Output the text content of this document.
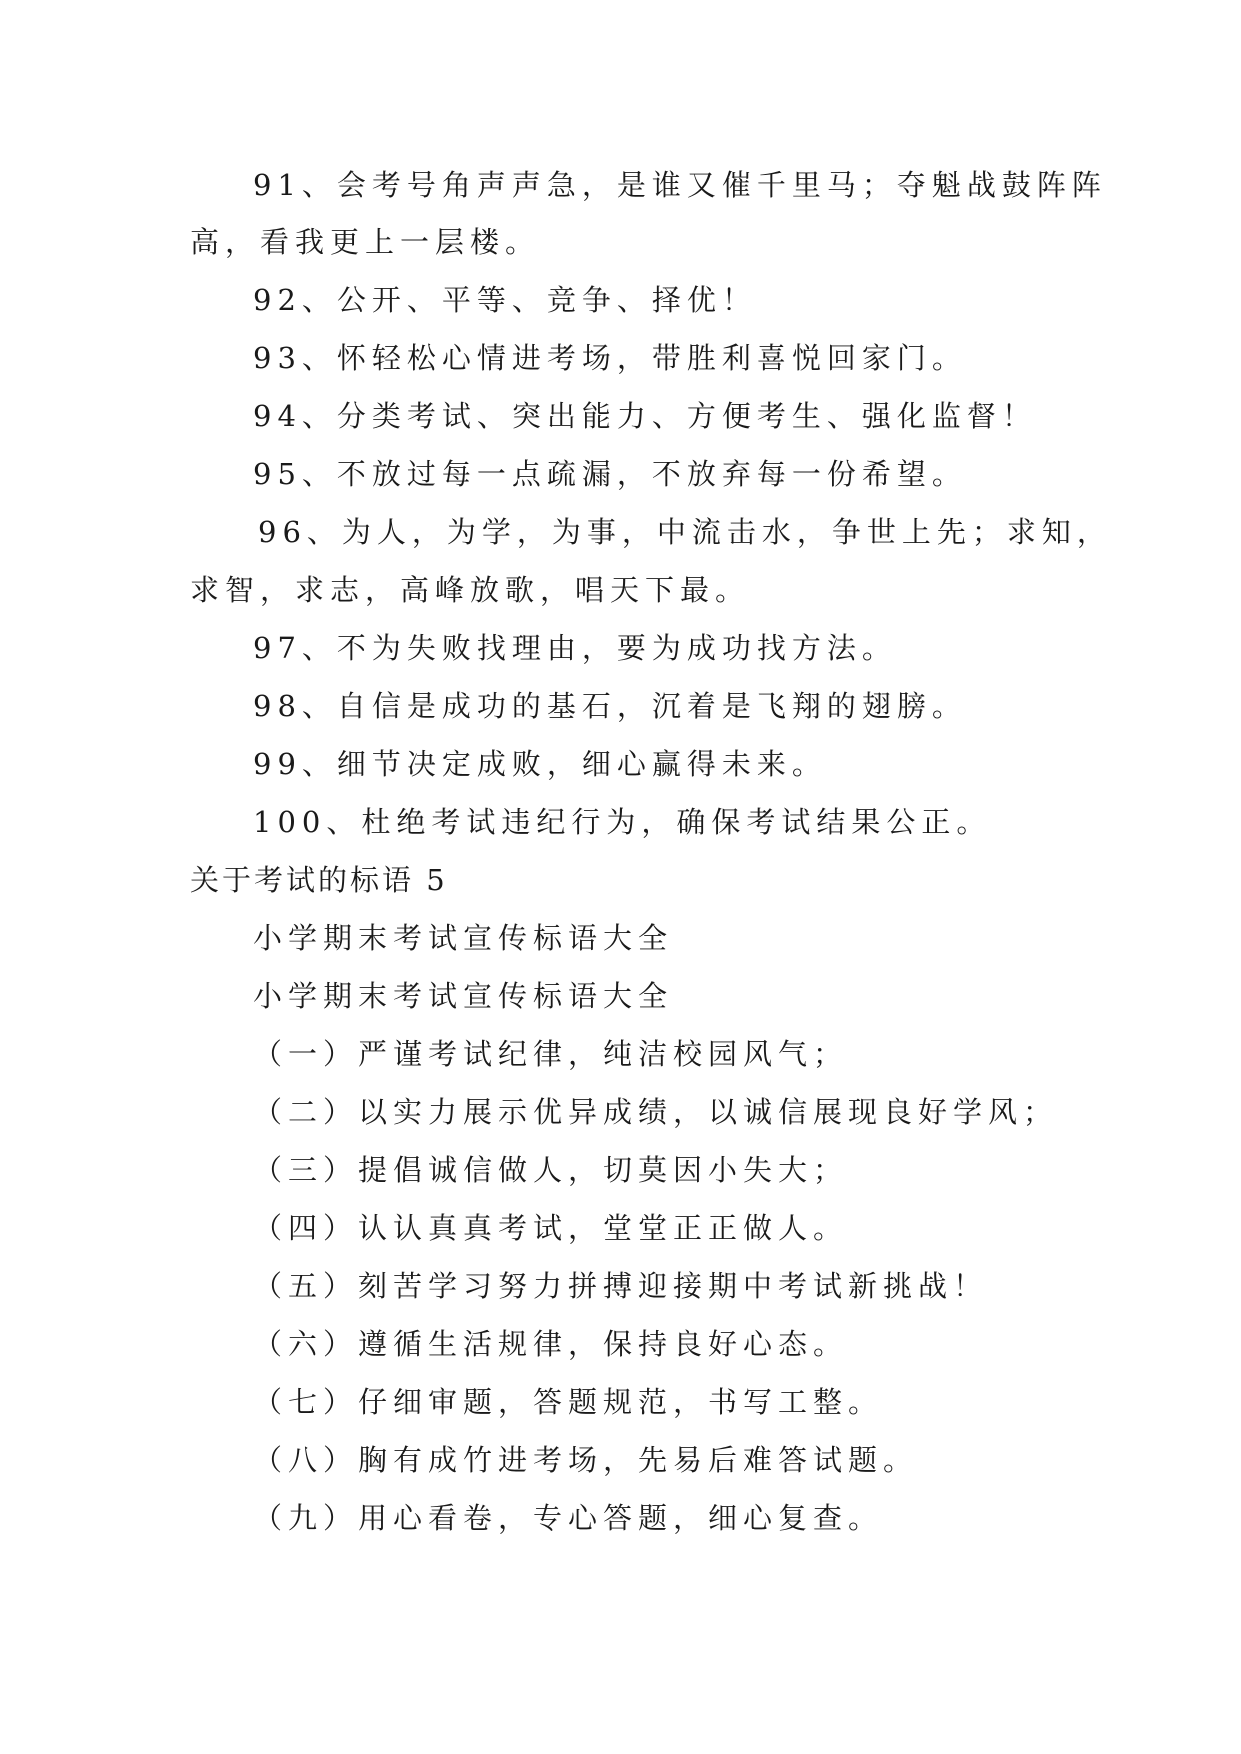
91、会考号角声声急，是谁又催千里马；夺魁战鼓阵阵
高，看我更上一层楼。
92、公开、平等、竞争、择优！
93、怀轻松心情进考场，带胜利喜悦回家门。
94、分类考试、突出能力、方便考生、强化监督！
95、不放过每一点疏漏，不放弃每一份希望。
96、为人，为学，为事，中流击水，争世上先；求知，
求智，求志，高峰放歌，唱天下最。
97、不为失败找理由，要为成功找方法。
98、自信是成功的基石，沉着是飞翔的翅膀。
99、细节决定成败，细心赢得未来。
100、杜绝考试违纪行为，确保考试结果公正。
关于考试的标语 5
小学期末考试宣传标语大全
小学期末考试宣传标语大全
（一）严谨考试纪律，纯洁校园风气；
（二）以实力展示优异成绩，以诚信展现良好学风；
（三）提倡诚信做人，切莫因小失大；
（四）认认真真考试，堂堂正正做人。
（五）刻苦学习努力拼搏迎接期中考试新挑战！
（六）遵循生活规律，保持良好心态。
（七）仔细审题，答题规范，书写工整。
（八）胸有成竹进考场，先易后难答试题。
（九）用心看卷，专心答题，细心复查。
